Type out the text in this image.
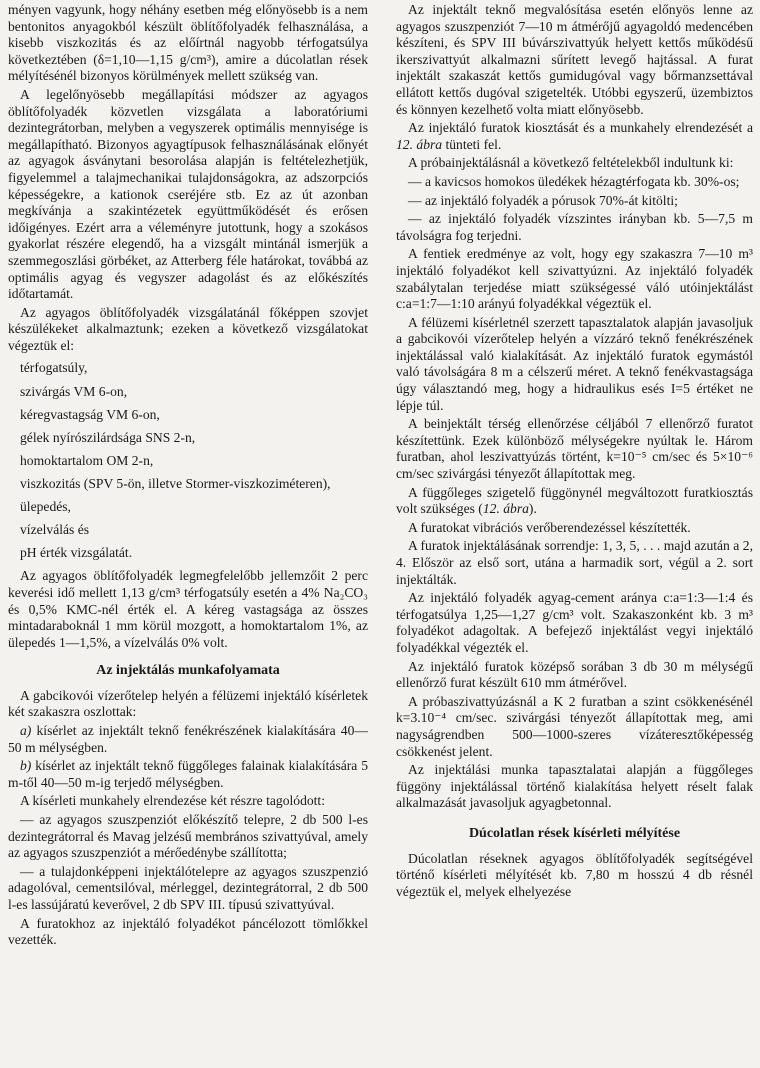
ményen vagyunk, hogy néhány esetben még előnyösebb is a nem bentonitos anyagokból készült öblítőfolyadék felhasználása, a kisebb viszkozitás és az előírtnál nagyobb térfogatsúlya következtében (δ=1,10—1,15 g/cm³), amire a dúcolatlan rések mélyítésénél bizonyos körülmények mellett szükség van.

A legelőnyösebb megállapítási módszer az agyagos öblítőfolyadék közvetlen vizsgálata a laboratóriumi dezintegrátorban, melyben a vegyszerek optimális mennyisége is megállapítható. Bizonyos agyagtípusok felhasználásának előnyét az agyagok ásványtani besorolása alapján is feltételezhetjük, figyelemmel a talajmechanikai tulajdonságokra, az adszorpciós képességekre, a kationok cseréjére stb. Ez az út azonban megkívánja a szakintézetek együttműködését és erősen időigényes. Ezért arra a véleményre jutottunk, hogy a szokásos gyakorlat részére elegendő, ha a vizsgált mintánál ismerjük a szemmegoszlási görbéket, az Atterberg féle határokat, továbbá az optimális agyag és vegyszer adagolást és az előkészítés időtartamát.

Az agyagos öblítőfolyadék vizsgálatánál főképpen szovjet készülékeket alkalmaztunk; ezeken a következő vizsgálatokat végeztük el:

térfogatsúly,
szivárgás VM 6-on,
kéregvastagság VM 6-on,
gélek nyírószilárdsága SNS 2-n,
homoktartalom OM 2-n,
viszkozitás (SPV 5-ön, illetve Stormer-viszkoziméteren),
ülepedés,
vízelválás és
pH érték vizsgálatát.

Az agyagos öblítőfolyadék legmegfelelőbb jellemzőit 2 perc keverési idő mellett 1,13 g/cm³ térfogatsúly esetén a 4% Na₂CO₃ és 0,5% KMC-nél érték el. A kéreg vastagsága az összes mintadaraboknál 1 mm körül mozgott, a homoktartalom 1%, az ülepedés 1—1,5%, a vízelválás 0% volt.

Az injektálás munkafolyamata

A gabcikovói vízerőtelep helyén a félüzemi injektáló kísérletek két szakaszra oszlottak:

a) kísérlet az injektált teknő fenékrészének kialakítására 40—50 m mélységben.

b) kísérlet az injektált teknő függőleges falainak kialakítására 5 m-től 40—50 m-ig terjedő mélységben.

A kísérleti munkahely elrendezése két részre tagolódott:

— az agyagos szuszpenziót előkészítő telepre, 2 db 500 l-es dezintegrátorral és Mavag jelzésű membrános szivattyúval, amely az agyagos szuszpenziót a mérőedénybe szállította;

— a tulajdonképpeni injektálótelepre az agyagos szuszpenzió adagolóval, cementsilóval, mérleggel, dezintegrátorral, 2 db 500 l-es lassújáratú keverővel, 2 db SPV III. típusú szivattyúval.

A furatokhoz az injektáló folyadékot páncélozott tömlőkkel vezették.

Az injektált teknő megvalósítása esetén előnyös lenne az agyagos szuszpenziót 7—10 m átmérőjű agyagoldó medencében készíteni, és SPV III búvárszivattyúk helyett kettős működésű ikerszivattyút alkalmazni sűrített levegő hajtással. A furat injektált szakaszát kettős gumidugóval vagy bőrmanzsettával ellátott kettős dugóval szigetelték. Utóbbi egyszerű, üzembiztos és könnyen kezelhető volta miatt előnyösebb.

Az injektáló furatok kiosztását és a munkahely elrendezését a 12. ábra tünteti fel.

A próbainjektálásnál a következő feltételekből indultunk ki:

— a kavicsos homokos üledékek hézagtérfogata kb. 30%-os;

— az injektáló folyadék a pórusok 70%-át kitölti;

— az injektáló folyadék vízszintes irányban kb. 5—7,5 m távolságra fog terjedni.

A fentiek eredménye az volt, hogy egy szakaszra 7—10 m³ injektáló folyadékot kell szivattyúzni. Az injektáló folyadék szabálytalan terjedése miatt szükségessé váló utóinjektálást c:a=1:7—1:10 arányú folyadékkal végeztük el.

A félüzemi kísérletnél szerzett tapasztalatok alapján javasoljuk a gabcikovói vízerőtelep helyén a vízzáró teknő fenékrészének injektálással való kialakítását. Az injektáló furatok egymástól való távolságára 8 m a célszerű méret. A teknő fenékvastagsága úgy választandó meg, hogy a hidraulikus esés I=5 értéket ne lépje túl.

A beinjektált térség ellenőrzése céljából 7 ellenőrző furatot készítettünk. Ezek különböző mélységekre nyúltak le. Három furatban, ahol leszivattyúzás történt, k=10⁻⁵ cm/sec és 5×10⁻⁶ cm/sec szivárgási tényezőt állapítottak meg.

A függőleges szigetelő függönynél megváltozott furatkiosztás volt szükséges (12. ábra).

A furatokat vibrációs verőberendezéssel készítették.

A furatok injektálásának sorrendje: 1, 3, 5, . . . majd azután a 2, 4. Először az első sort, utána a harmadik sort, végül a 2. sort injektálták.

Az injektáló folyadék agyag-cement aránya c:a=1:3—1:4 és térfogatsúlya 1,25—1,27 g/cm³ volt. Szakaszonként kb. 3 m³ folyadékot adagoltak. A befejező injektálást vegyi injektáló folyadékkal végezték el.

Az injektáló furatok középső sorában 3 db 30 m mélységű ellenőrző furat készült 610 mm átmérővel.

A próbaszivattyúzásnál a K 2 furatban a szint csökkenésénél k=3.10⁻⁴ cm/sec. szivárgási tényezőt állapítottak meg, ami nagyságrendben 500—1000-szeres vízáteresztőképesség csökkenést jelent.

Az injektálási munka tapasztalatai alapján a függőleges függöny injektálással történő kialakítása helyett réselt falak alkalmazását javasoljuk agyagbetonnal.

Dúcolatlan rések kísérleti mélyítése

Dúcolatlan réseknek agyagos öblítőfolyadék segítségével történő kísérleti mélyítését kb. 7,80 m hosszú 4 db résnél végeztük el, melyek elhelyezése
